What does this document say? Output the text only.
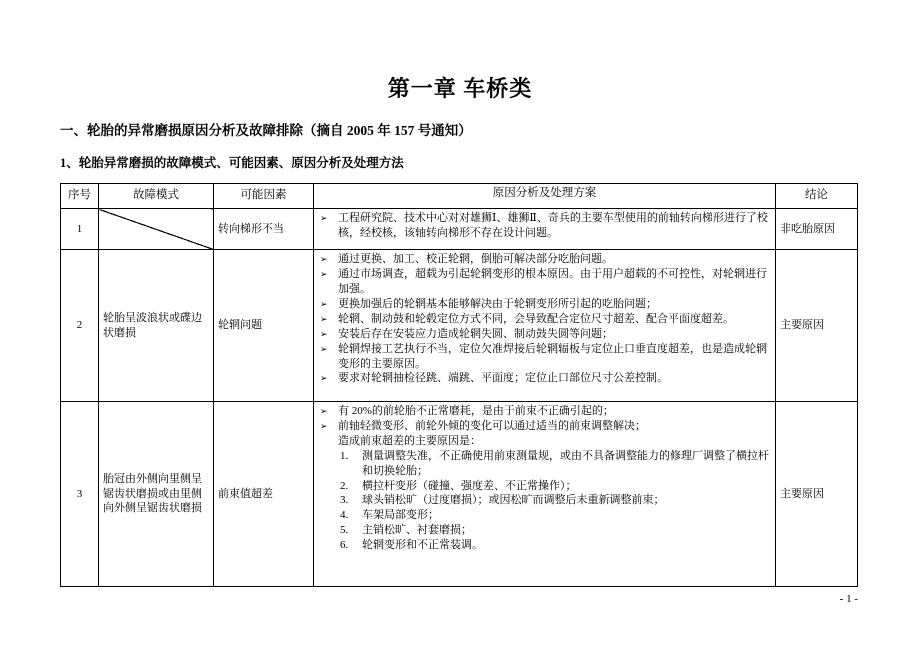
第一章 车桥类
一、轮胎的异常磨损原因分析及故障排除（摘自 2005 年 157 号通知）
1、轮胎异常磨损的故障模式、可能因素、原因分析及处理方法
序号	故障模式	可能因素	原因分析及处理方案	结论
1		转向梯形不当	➢ 工程研究院、技术中心对对雄狮Ⅰ、雄狮Ⅱ、奇兵的主要车型使用的前轴转向梯形进行了校核，经校核，该轴转向梯形不存在设计问题。	非吃胎原因
2	轮胎呈波浪状或碟边状磨损	轮辋问题	
➢ 通过更换、加工、校正轮辋，倒胎可解决部分吃胎问题。
➢ 通过市场调查，超载为引起轮辋变形的根本原因。由于用户超载的不可控性，对轮辋进行加强。
➢ 更换加强后的轮辋基本能够解决由于轮辋变形所引起的吃胎问题；
➢ 轮辋、制动鼓和轮毂定位方式不同，会导致配合定位尺寸超差、配合平面度超差。
➢ 安装后存在安装应力造成轮辋失圆、制动鼓失圆等问题；
➢ 轮辋焊接工艺执行不当，定位欠准焊接后轮辋辐板与定位止口垂直度超差，也是造成轮辋变形的主要原因。
➢ 要求对轮辋抽检径跳、端跳、平面度；定位止口部位尺寸公差控制。
	主要原因
3	胎冠由外侧向里侧呈锯齿状磨损或由里侧向外侧呈锯齿状磨损	前束值超差	
➢ 有 20%的前轮胎不正常磨耗，是由于前束不正确引起的；
➢ 前轴轻微变形、前轮外倾的变化可以通过适当的前束调整解决；
造成前束超差的主要原因是：
1.	测量调整失准，不正确使用前束测量规，或由不具备调整能力的修理厂调整了横拉杆和切换轮胎；
2.	横拉杆变形（碰撞、强度差、不正常操作）；
3.	球头销松旷（过度磨损）；或因松旷而调整后未重新调整前束；
4.	车架局部变形；
5.	主销松旷、衬套磨损；
6.	轮辋变形和不正常装调。
	主要原因
- 1 -
